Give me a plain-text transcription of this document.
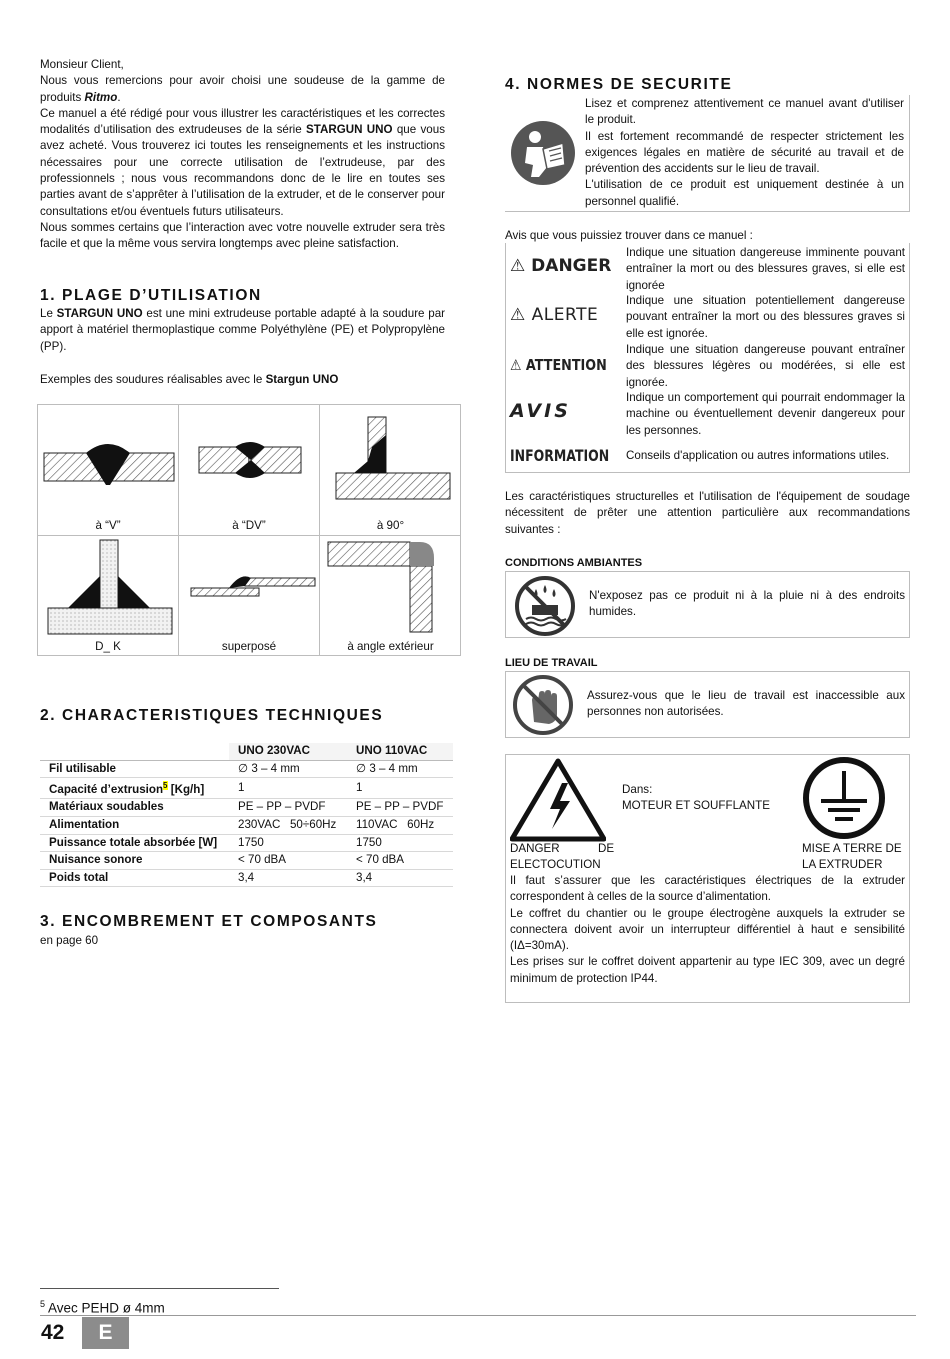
Monsieur Client,

Nous vous remercions pour avoir choisi une soudeuse de la gamme de produits Ritmo.

Ce manuel a été rédigé pour vous illustrer les caractéristiques et les correctes modalités d’utilisation des extrudeuses de la série STARGUN UNO que vous avez acheté. Vous trouverez ici toutes les renseignements et les instructions nécessaires pour une correcte utilisation de l’extrudeuse, par des professionnels ; nous vous recommandons donc de le lire en toutes ses parties avant de s’apprêter à l’utilisation de la extruder, et de le conserver pour consultations et/ou éventuels futurs utilisateurs.

Nous sommes certains que l’interaction avec votre nouvelle extruder sera très facile et que la même vous servira longtemps avec pleine satisfaction.

1. PLAGE D’UTILISATION

Le STARGUN UNO est une mini extrudeuse portable adapté à la soudure par apport à matériel thermoplastique comme Polyéthylène (PE) et Polypropylène (PP).

Exemples des soudures réalisables avec le Stargun UNO
à “V”	à “DV”	à 90°
D_ K	superposé	à angle extérieur
2. CHARACTERISTIQUES TECHNIQUES
	UNO 230VAC	UNO 110VAC
Fil utilisable	∅ 3 – 4 mm	∅ 3 – 4 mm
Capacité d’extrusion$^5$ [Kg/h]	1	1
Matériaux soudables	PE – PP – PVDF	PE – PP – PVDF
Alimentation	230VAC   50÷60Hz	110VAC   60Hz
Puissance totale absorbée [W]	1750	1750
Nuisance sonore	< 70 dBA	< 70 dBA
Poids total	3,4	3,4
3. ENCOMBREMENT ET COMPOSANTS
en page 60
4. NORMES DE SECURITE

Lisez et comprenez attentivement ce manuel avant d'utiliser le produit.

Il est fortement recommandé de respecter strictement les exigences légales en matière de sécurité au travail et de prévention des accidents sur le lieu de travail.

L'utilisation de ce produit est uniquement destinée à un personnel qualifié.

Avis que vous puissiez trouver dans ce manuel :
⚠ DANGER
Indique une situation dangereuse imminente pouvant entraîner la mort ou des blessures graves, si elle est ignorée
⚠ ALERTE
Indique une situation potentiellement dangereuse pouvant entraîner la mort ou des blessures graves si elle est ignorée.
⚠ ATTENTION
Indique une situation dangereuse pouvant entraîner des blessures légères ou modérées, si elle est ignorée.
AVIS
Indique un comportement qui pourrait endommager la machine ou éventuellement devenir dangereux pour les personnes.
INFORMATION Conseils d'application ou autres informations utiles.
Les caractéristiques structurelles et l'utilisation de l'équipement de soudage nécessitent de prêter une attention particulière aux recommandations suivantes :
CONDITIONS AMBIANTES
N'exposez pas ce produit ni à la pluie ni à des endroits humides.
LIEU DE TRAVAIL
Assurez-vous que le lieu de travail est inaccessible aux personnes non autorisées.
Dans:
MOTEUR ET SOUFFLANTE
DANGER	DE
ELECTOCUTION
MISE A TERRE DE
LA EXTRUDER

Il faut s’assurer que les caractéristiques électriques de la extruder correspondent à celles de la source d’alimentation.

Le coffret du chantier ou le groupe électrogène auxquels la extruder se connectera doivent avoir un interrupteur différentiel à haut e sensibilité (IΔ=30mA).

Les prises sur le coffret doivent appartenir au type IEC 309, avec un degré minimum de protection IP44.

$^5$ Avec PEHD ø 4mm
42	E
